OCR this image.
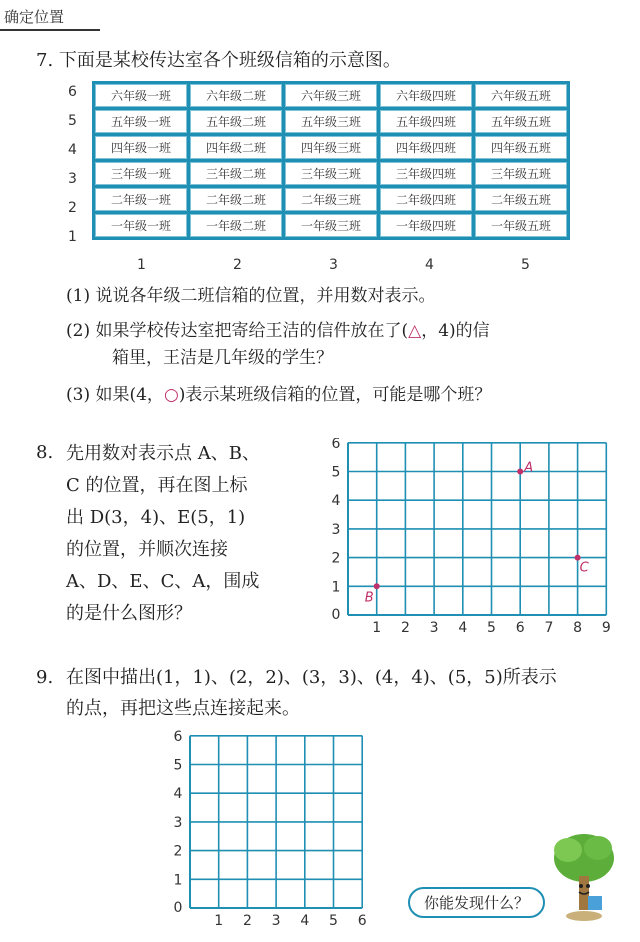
确定位置
7. 下面是某校传达室各个班级信箱的示意图。
6
5
4
3
2
1
六年级一班	六年级二班	六年级三班	六年级四班	六年级五班
五年级一班	五年级二班	五年级三班	五年级四班	五年级五班
四年级一班	四年级二班	四年级三班	四年级四班	四年级五班
三年级一班	三年级二班	三年级三班	三年级四班	三年级五班
二年级一班	二年级二班	二年级三班	二年级四班	二年级五班
一年级一班	一年级二班	一年级三班	一年级四班	一年级五班
1	2	3	4	5
(1) 说说各年级二班信箱的位置，并用数对表示。
(2) 如果学校传达室把寄给王洁的信件放在了(△，4)的信
箱里，王洁是几年级的学生？
(3) 如果(4，○)表示某班级信箱的位置，可能是哪个班？
8. 先用数对表示点 A、B、
C 的位置，再在图上标
出 D(3，4)、E(5，1)
的位置，并顺次连接
A、D、E、C、A，围成
的是什么图形？	0
1 2 3 4 5 6 7 8 9
1
2
3
4
5
6
A
B
C
9. 在图中描出(1，1)、(2，2)、(3，3)、(4，4)、(5，5)所表示
的点，再把这些点连接起来。
0
1 2 3 4 5 6
1
2
3
4
5
6
你能发现什么？
